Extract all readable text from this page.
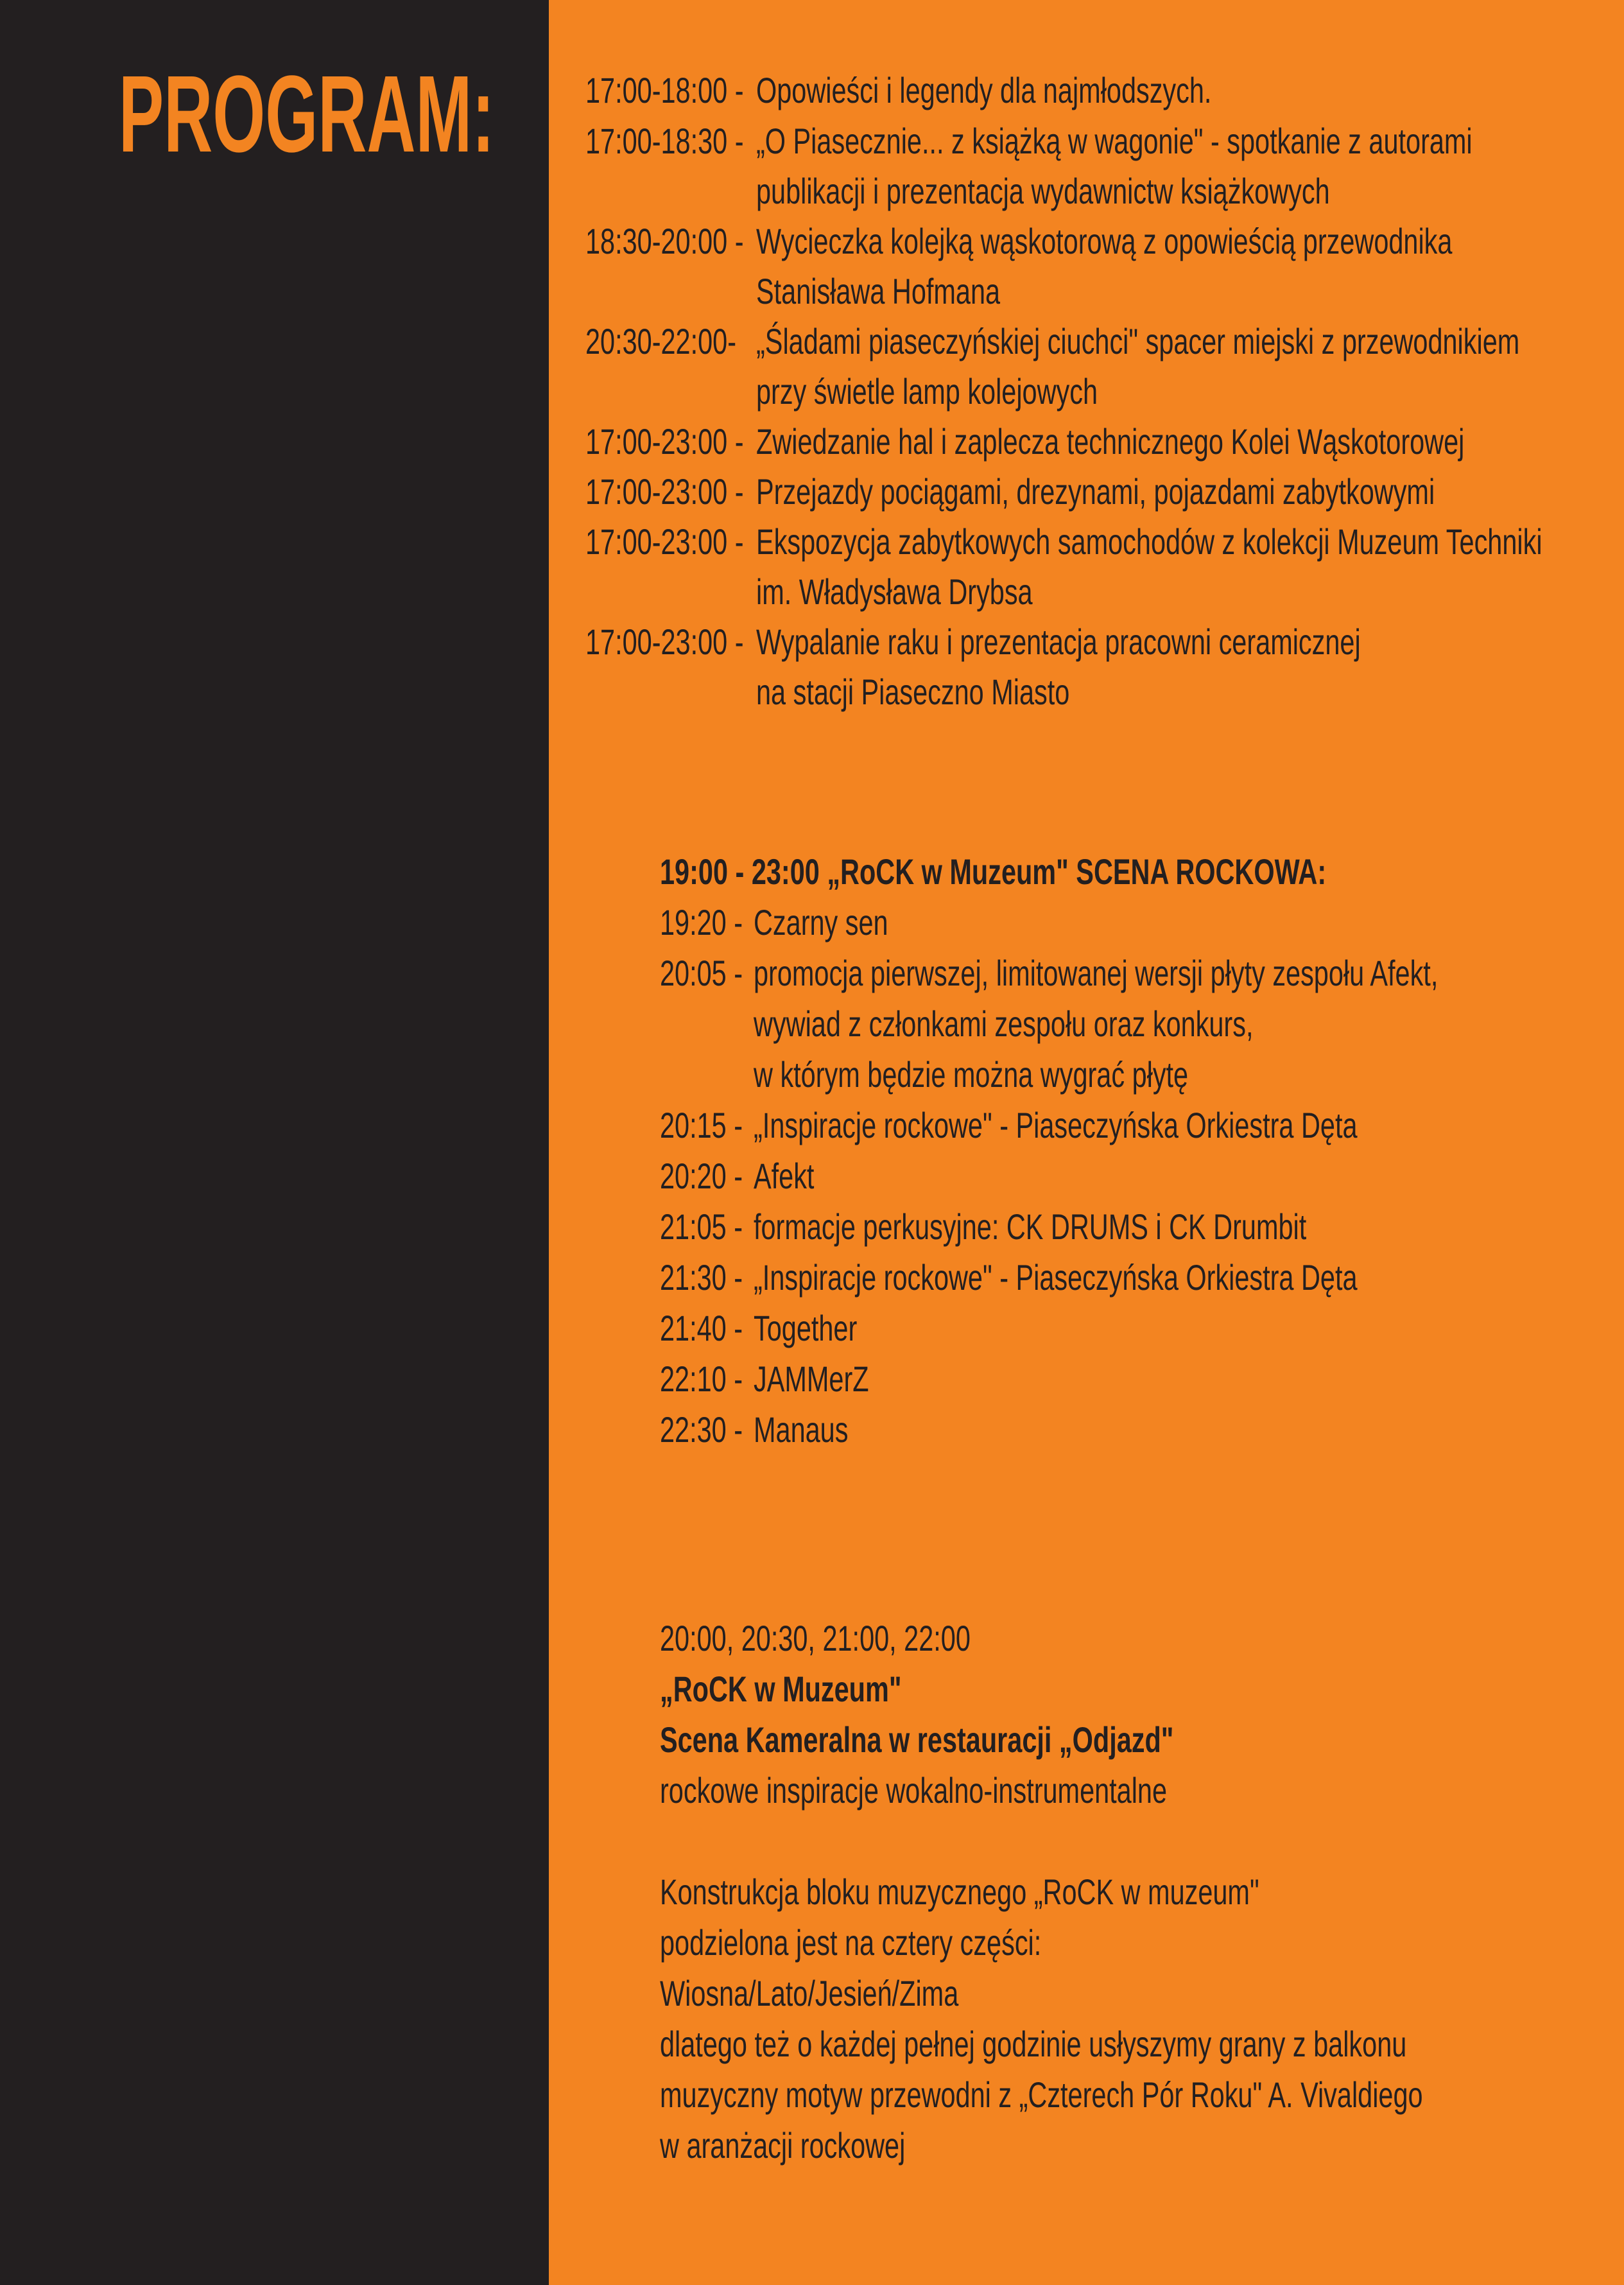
PROGRAM:	17:00-18:00 - Opowieści i legendy dla najmłodszych.
17:00-18:30 - „O Piasecznie... z książką w wagonie" - spotkanie z autorami
publikacji i prezentacja wydawnictw książkowych
18:30-20:00 - Wycieczka kolejką wąskotorową z opowieścią przewodnika
Stanisława Hofmana
20:30-22:00- „Śladami piaseczyńskiej ciuchci" spacer miejski z przewodnikiem
przy świetle lamp kolejowych
17:00-23:00 - Zwiedzanie hal i zaplecza technicznego Kolei Wąskotorowej
17:00-23:00 - Przejazdy pociągami, drezynami, pojazdami zabytkowymi
17:00-23:00 - Ekspozycja zabytkowych samochodów z kolekcji Muzeum Techniki
im. Władysława Drybsa
17:00-23:00 - Wypalanie raku i prezentacja pracowni ceramicznej
na stacji Piaseczno Miasto
19:00 - 23:00 „RoCK w Muzeum" SCENA ROCKOWA:
19:20 - Czarny sen
20:05 - promocja pierwszej, limitowanej wersji płyty zespołu Afekt,
wywiad z członkami zespołu oraz konkurs,
w którym będzie można wygrać płytę
20:15 - „Inspiracje rockowe" - Piaseczyńska Orkiestra Dęta
20:20 - Afekt
21:05 - formacje perkusyjne: CK DRUMS i CK Drumbit
21:30 - „Inspiracje rockowe" - Piaseczyńska Orkiestra Dęta
21:40 - Together
22:10 - JAMMerZ
22:30 - Manaus
20:00, 20:30, 21:00, 22:00
„RoCK w Muzeum"
Scena Kameralna w restauracji „Odjazd"
rockowe inspiracje wokalno-instrumentalne
Konstrukcja bloku muzycznego „RoCK w muzeum"
podzielona jest na cztery części:
Wiosna/Lato/Jesień/Zima
dlatego też o każdej pełnej godzinie usłyszymy grany z balkonu
muzyczny motyw przewodni z „Czterech Pór Roku" A. Vivaldiego
w aranżacji rockowej
